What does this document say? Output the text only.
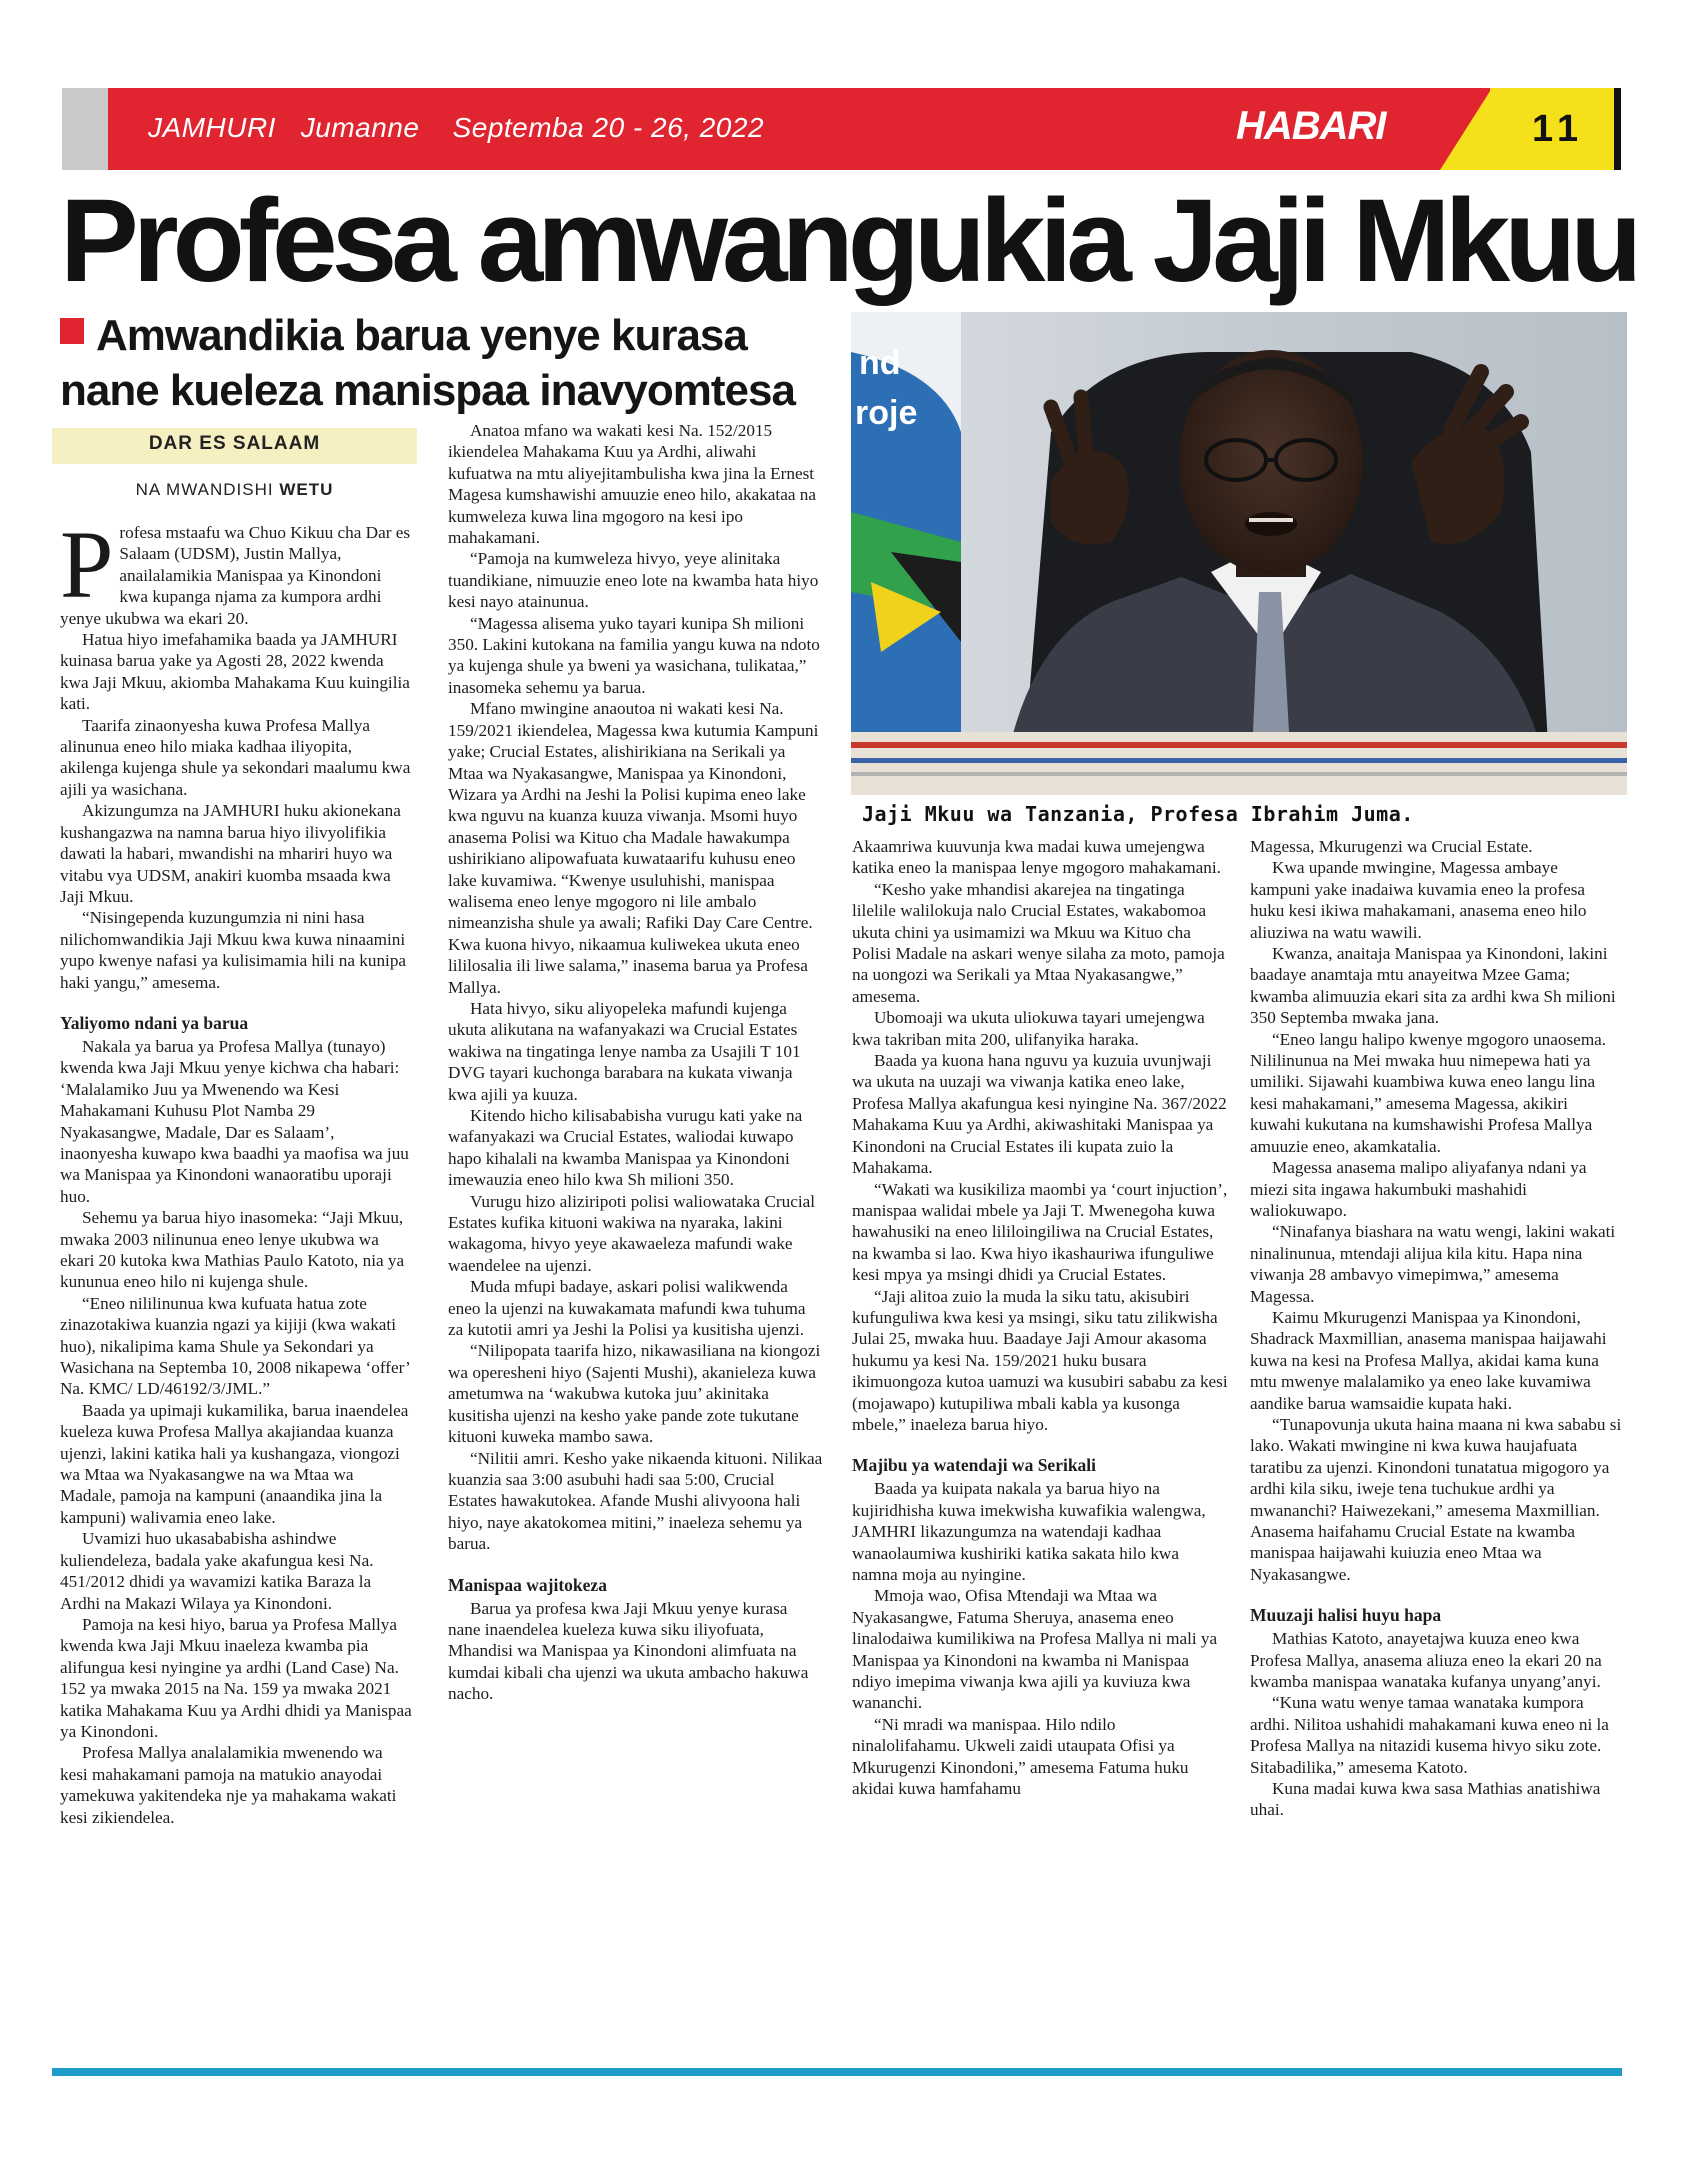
JAMHURI   Jumanne    Septemba 20 - 26, 2022	HABARI	11
Profesa amwangukia Jaji Mkuu
Amwandikia barua yenye kurasa nane kueleza manispaa inavyomtesa
DAR ES SALAAM
NA MWANDISHI WETU
nd
roje
Jaji Mkuu wa Tanzania, Profesa Ibrahim Juma.
P rofesa mstaafu wa Chuo Kikuu cha Dar es Salaam (UDSM), Justin Mallya, anailalamikia Manispaa ya Kinondoni kwa kupanga njama za kumpora ardhi yenye ukubwa wa ekari 20.

Hatua hiyo imefahamika baada ya JAMHURI kuinasa barua yake ya Agosti 28, 2022 kwenda kwa Jaji Mkuu, akiomba Mahakama Kuu kuingilia kati.

Taarifa zinaonyesha kuwa Profesa Mallya alinunua eneo hilo miaka kadhaa iliyopita, akilenga kujenga shule ya sekondari maalumu kwa ajili ya wasichana.

Akizungumza na JAMHURI huku akionekana kushangazwa na namna barua hiyo ilivyolifikia dawati la habari, mwandishi na mhariri huyo wa vitabu vya UDSM, anakiri kuomba msaada kwa Jaji Mkuu.

“Nisingependa kuzungumzia ni nini hasa nilichomwandikia Jaji Mkuu kwa kuwa ninaamini yupo kwenye nafasi ya kulisimamia hili na kunipa haki yangu,” amesema.

Yaliyomo ndani ya barua

Nakala ya barua ya Profesa Mallya (tunayo) kwenda kwa Jaji Mkuu yenye kichwa cha habari: ‘Malalamiko Juu ya Mwenendo wa Kesi Mahakamani Kuhusu Plot Namba 29 Nyakasangwe, Madale, Dar es Salaam’, inaonyesha kuwapo kwa baadhi ya maofisa wa juu wa Manispaa ya Kinondoni wanaoratibu uporaji huo.

Sehemu ya barua hiyo inasomeka: “Jaji Mkuu, mwaka 2003 nilinunua eneo lenye ukubwa wa ekari 20 kutoka kwa Mathias Paulo Katoto, nia ya kununua eneo hilo ni kujenga shule.

“Eneo nililinunua kwa kufuata hatua zote zinazotakiwa kuanzia ngazi ya kijiji (kwa wakati huo), nikalipima kama Shule ya Sekondari ya Wasichana na Septemba 10, 2008 nikapewa ‘offer’ Na. KMC/ LD/46192/3/JML.”

Baada ya upimaji kukamilika, barua inaendelea kueleza kuwa Profesa Mallya akajiandaa kuanza ujenzi, lakini katika hali ya kushangaza, viongozi wa Mtaa wa Nyakasangwe na wa Mtaa wa Madale, pamoja na kampuni (anaandika jina la kampuni) walivamia eneo lake.

Uvamizi huo ukasababisha ashindwe kuliendeleza, badala yake akafungua kesi Na. 451/2012 dhidi ya wavamizi katika Baraza la Ardhi na Makazi Wilaya ya Kinondoni.

Pamoja na kesi hiyo, barua ya Profesa Mallya kwenda kwa Jaji Mkuu inaeleza kwamba pia alifungua kesi nyingine ya ardhi (Land Case) Na. 152 ya mwaka 2015 na Na. 159 ya mwaka 2021 katika Mahakama Kuu ya Ardhi dhidi ya Manispaa ya Kinondoni.

Profesa Mallya analalamikia mwenendo wa kesi mahakamani pamoja na matukio anayodai yamekuwa yakitendeka nje ya mahakama wakati kesi zikiendelea.

Anatoa mfano wa wakati kesi Na. 152/2015 ikiendelea Mahakama Kuu ya Ardhi, aliwahi kufuatwa na mtu aliyejitambulisha kwa jina la Ernest Magesa kumshawishi amuuzie eneo hilo, akakataa na kumweleza kuwa lina mgogoro na kesi ipo mahakamani.

“Pamoja na kumweleza hivyo, yeye alinitaka tuandikiane, nimuuzie eneo lote na kwamba hata hiyo kesi nayo atainunua.

“Magessa alisema yuko tayari kunipa Sh milioni 350. Lakini kutokana na familia yangu kuwa na ndoto ya kujenga shule ya bweni ya wasichana, tulikataa,” inasomeka sehemu ya barua.

Mfano mwingine anaoutoa ni wakati kesi Na. 159/2021 ikiendelea, Magessa kwa kutumia Kampuni yake; Crucial Estates, alishirikiana na Serikali ya Mtaa wa Nyakasangwe, Manispaa ya Kinondoni, Wizara ya Ardhi na Jeshi la Polisi kupima eneo lake kwa nguvu na kuanza kuuza viwanja. Msomi huyo anasema Polisi wa Kituo cha Madale hawakumpa ushirikiano alipowafuata kuwataarifu kuhusu eneo lake kuvamiwa. “Kwenye usuluhishi, manispaa walisema eneo lenye mgogoro ni lile ambalo nimeanzisha shule ya awali; Rafiki Day Care Centre. Kwa kuona hivyo, nikaamua kuliwekea ukuta eneo lililosalia ili liwe salama,” inasema barua ya Profesa Mallya.

Hata hivyo, siku aliyopeleka mafundi kujenga ukuta alikutana na wafanyakazi wa Crucial Estates wakiwa na tingatinga lenye namba za Usajili T 101 DVG tayari kuchonga barabara na kukata viwanja kwa ajili ya kuuza.

Kitendo hicho kilisababisha vurugu kati yake na wafanyakazi wa Crucial Estates, waliodai kuwapo hapo kihalali na kwamba Manispaa ya Kinondoni imewauzia eneo hilo kwa Sh milioni 350.

Vurugu hizo aliziripoti polisi waliowataka Crucial Estates kufika kituoni wakiwa na nyaraka, lakini wakagoma, hivyo yeye akawaeleza mafundi wake waendelee na ujenzi.

Muda mfupi badaye, askari polisi walikwenda eneo la ujenzi na kuwakamata mafundi kwa tuhuma za kutotii amri ya Jeshi la Polisi ya kusitisha ujenzi.

“Nilipopata taarifa hizo, nikawasiliana na kiongozi wa operesheni hiyo (Sajenti Mushi), akanieleza kuwa ametumwa na ‘wakubwa kutoka juu’ akinitaka kusitisha ujenzi na kesho yake pande zote tukutane kituoni kuweka mambo sawa.

“Nilitii amri. Kesho yake nikaenda kituoni. Nilikaa kuanzia saa 3:00 asubuhi hadi saa 5:00, Crucial Estates hawakutokea. Afande Mushi alivyoona hali hiyo, naye akatokomea mitini,” inaeleza sehemu ya barua.

Manispaa wajitokeza

Barua ya profesa kwa Jaji Mkuu yenye kurasa nane inaendelea kueleza kuwa siku iliyofuata, Mhandisi wa Manispaa ya Kinondoni alimfuata na kumdai kibali cha ujenzi wa ukuta ambacho hakuwa nacho.

Akaamriwa kuuvunja kwa madai kuwa umejengwa katika eneo la manispaa lenye mgogoro mahakamani.

“Kesho yake mhandisi akarejea na tingatinga lilelile walilokuja nalo Crucial Estates, wakabomoa ukuta chini ya usimamizi wa Mkuu wa Kituo cha Polisi Madale na askari wenye silaha za moto, pamoja na uongozi wa Serikali ya Mtaa Nyakasangwe,” amesema.

Ubomoaji wa ukuta uliokuwa tayari umejengwa kwa takriban mita 200, ulifanyika haraka.

Baada ya kuona hana nguvu ya kuzuia uvunjwaji wa ukuta na uuzaji wa viwanja katika eneo lake, Profesa Mallya akafungua kesi nyingine Na. 367/2022 Mahakama Kuu ya Ardhi, akiwashitaki Manispaa ya Kinondoni na Crucial Estates ili kupata zuio la Mahakama.

“Wakati wa kusikiliza maombi ya ‘court injuction’, manispaa walidai mbele ya Jaji T. Mwenegoha kuwa hawahusiki na eneo lililoingiliwa na Crucial Estates, na kwamba si lao. Kwa hiyo ikashauriwa ifunguliwe kesi mpya ya msingi dhidi ya Crucial Estates.

“Jaji alitoa zuio la muda la siku tatu, akisubiri kufunguliwa kwa kesi ya msingi, siku tatu zilikwisha Julai 25, mwaka huu. Baadaye Jaji Amour akasoma hukumu ya kesi Na. 159/2021 huku busara ikimuongoza kutoa uamuzi wa kusubiri sababu za kesi (mojawapo) kutupiliwa mbali kabla ya kusonga mbele,” inaeleza barua hiyo.

Majibu ya watendaji wa Serikali

Baada ya kuipata nakala ya barua hiyo na kujiridhisha kuwa imekwisha kuwafikia walengwa, JAMHRI likazungumza na watendaji kadhaa wanaolaumiwa kushiriki katika sakata hilo kwa namna moja au nyingine.

Mmoja wao, Ofisa Mtendaji wa Mtaa wa Nyakasangwe, Fatuma Sheruya, anasema eneo linalodaiwa kumilikiwa na Profesa Mallya ni mali ya Manispaa ya Kinondoni na kwamba ni Manispaa ndiyo imepima viwanja kwa ajili ya kuviuza kwa wananchi.

“Ni mradi wa manispaa. Hilo ndilo ninalolifahamu. Ukweli zaidi utaupata Ofisi ya Mkurugenzi Kinondoni,” amesema Fatuma huku akidai kuwa hamfahamu

Magessa, Mkurugenzi wa Crucial Estate.

Kwa upande mwingine, Magessa ambaye kampuni yake inadaiwa kuvamia eneo la profesa huku kesi ikiwa mahakamani, anasema eneo hilo aliuziwa na watu wawili.

Kwanza, anaitaja Manispaa ya Kinondoni, lakini baadaye anamtaja mtu anayeitwa Mzee Gama; kwamba alimuuzia ekari sita za ardhi kwa Sh milioni 350 Septemba mwaka jana.

“Eneo langu halipo kwenye mgogoro unaosema. Nililinunua na Mei mwaka huu nimepewa hati ya umiliki. Sijawahi kuambiwa kuwa eneo langu lina kesi mahakamani,” amesema Magessa, akikiri kuwahi kukutana na kumshawishi Profesa Mallya amuuzie eneo, akamkatalia.

Magessa anasema malipo aliyafanya ndani ya miezi sita ingawa hakumbuki mashahidi waliokuwapo.

“Ninafanya biashara na watu wengi, lakini wakati ninalinunua, mtendaji alijua kila kitu. Hapa nina viwanja 28 ambavyo vimepimwa,” amesema Magessa.

Kaimu Mkurugenzi Manispaa ya Kinondoni, Shadrack Maxmillian, anasema manispaa haijawahi kuwa na kesi na Profesa Mallya, akidai kama kuna mtu mwenye malalamiko ya eneo lake kuvamiwa aandike barua wamsaidie kupata haki.

“Tunapovunja ukuta haina maana ni kwa sababu si lako. Wakati mwingine ni kwa kuwa haujafuata taratibu za ujenzi. Kinondoni tunatatua migogoro ya ardhi kila siku, iweje tena tuchukue ardhi ya mwananchi? Haiwezekani,” amesema Maxmillian. Anasema haifahamu Crucial Estate na kwamba manispaa haijawahi kuiuzia eneo Mtaa wa Nyakasangwe.

Muuzaji halisi huyu hapa

Mathias Katoto, anayetajwa kuuza eneo kwa Profesa Mallya, anasema aliuza eneo la ekari 20 na kwamba manispaa wanataka kufanya unyang’anyi.

“Kuna watu wenye tamaa wanataka kumpora ardhi. Nilitoa ushahidi mahakamani kuwa eneo ni la Profesa Mallya na nitazidi kusema hivyo siku zote. Sitabadilika,” amesema Katoto.

Kuna madai kuwa kwa sasa Mathias anatishiwa uhai.
